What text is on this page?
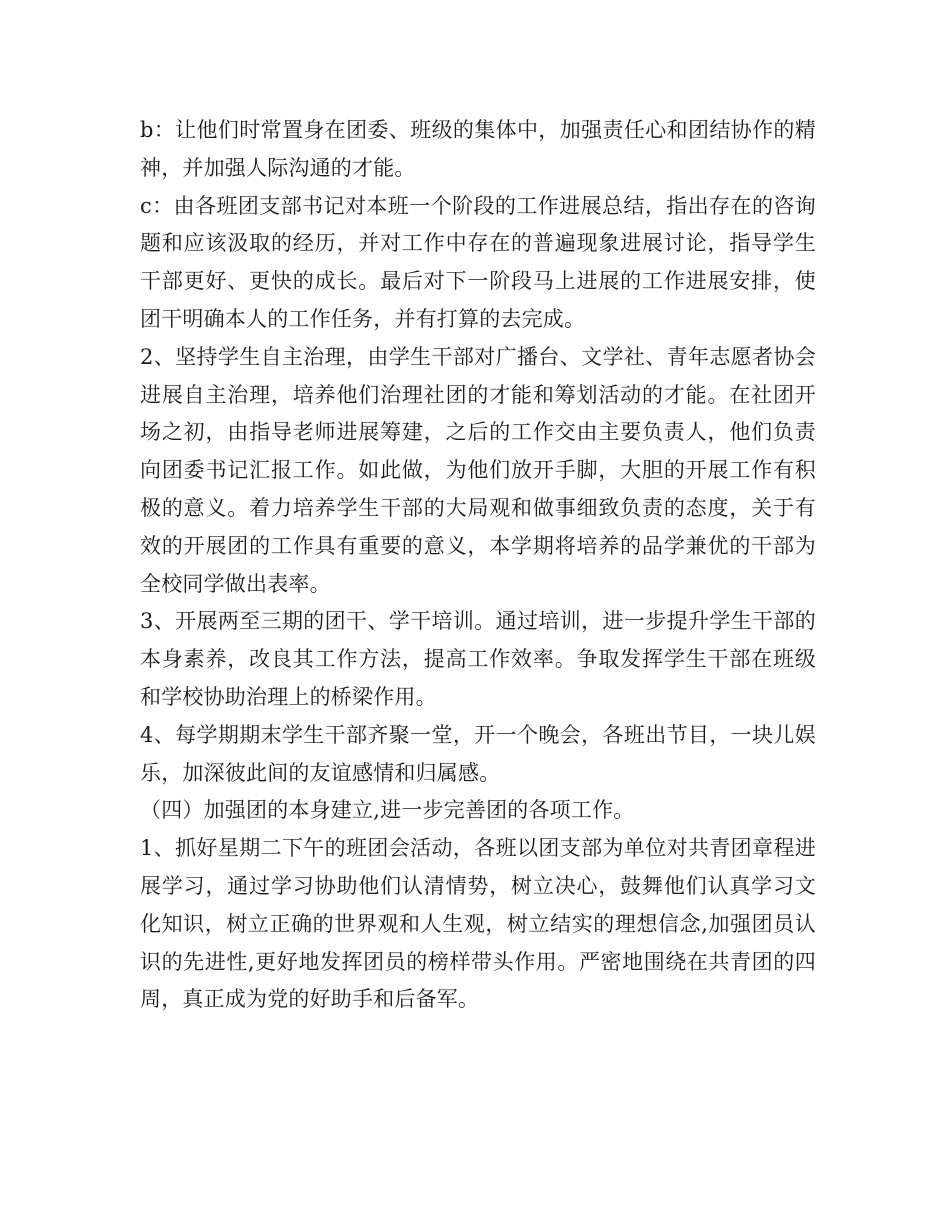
b：让他们时常置身在团委、班级的集体中，加强责任心和团结协作的精神，并加强人际沟通的才能。

c：由各班团支部书记对本班一个阶段的工作进展总结，指出存在的咨询题和应该汲取的经历，并对工作中存在的普遍现象进展讨论，指导学生干部更好、更快的成长。最后对下一阶段马上进展的工作进展安排，使团干明确本人的工作任务，并有打算的去完成。

2、坚持学生自主治理，由学生干部对广播台、文学社、青年志愿者协会进展自主治理，培养他们治理社团的才能和筹划活动的才能。在社团开场之初，由指导老师进展筹建，之后的工作交由主要负责人，他们负责向团委书记汇报工作。如此做，为他们放开手脚，大胆的开展工作有积极的意义。着力培养学生干部的大局观和做事细致负责的态度，关于有效的开展团的工作具有重要的意义，本学期将培养的品学兼优的干部为全校同学做出表率。

3、开展两至三期的团干、学干培训。通过培训，进一步提升学生干部的本身素养，改良其工作方法，提高工作效率。争取发挥学生干部在班级和学校协助治理上的桥梁作用。

4、每学期期末学生干部齐聚一堂，开一个晚会，各班出节目，一块儿娱乐，加深彼此间的友谊感情和归属感。

（四）加强团的本身建立,进一步完善团的各项工作。

1、抓好星期二下午的班团会活动，各班以团支部为单位对共青团章程进展学习，通过学习协助他们认清情势，树立决心，鼓舞他们认真学习文化知识，树立正确的世界观和人生观，树立结实的理想信念,加强团员认识的先进性,更好地发挥团员的榜样带头作用。严密地围绕在共青团的四周，真正成为党的好助手和后备军。
